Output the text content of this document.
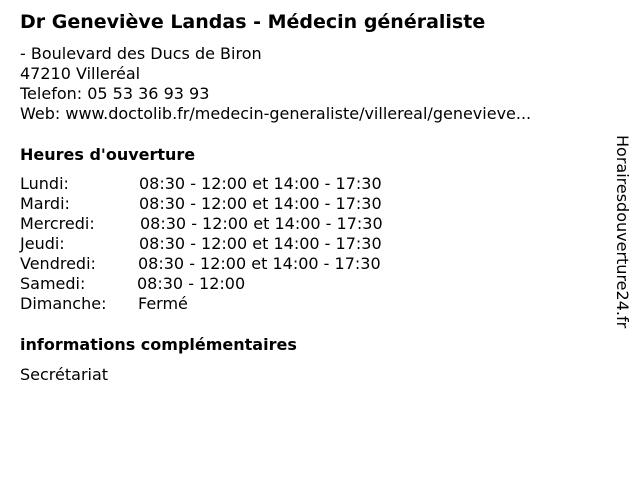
Dr Geneviève Landas - Médecin généraliste
- Boulevard des Ducs de Biron
47210 Villeréal
Telefon: 05 53 36 93 93
Web: www.doctolib.fr/medecin-generaliste/villereal/genevieve...
Heures d'ouverture
Lundi:	08:30 - 12:00 et 14:00 - 17:30
Mardi:	08:30 - 12:00 et 14:00 - 17:30
Mercredi:	08:30 - 12:00 et 14:00 - 17:30
Jeudi:	08:30 - 12:00 et 14:00 - 17:30
Vendredi:	08:30 - 12:00 et 14:00 - 17:30
Samedi:	08:30 - 12:00
Dimanche: Fermé
informations complémentaires
Secrétariat
Horairesdouverture24.fr
